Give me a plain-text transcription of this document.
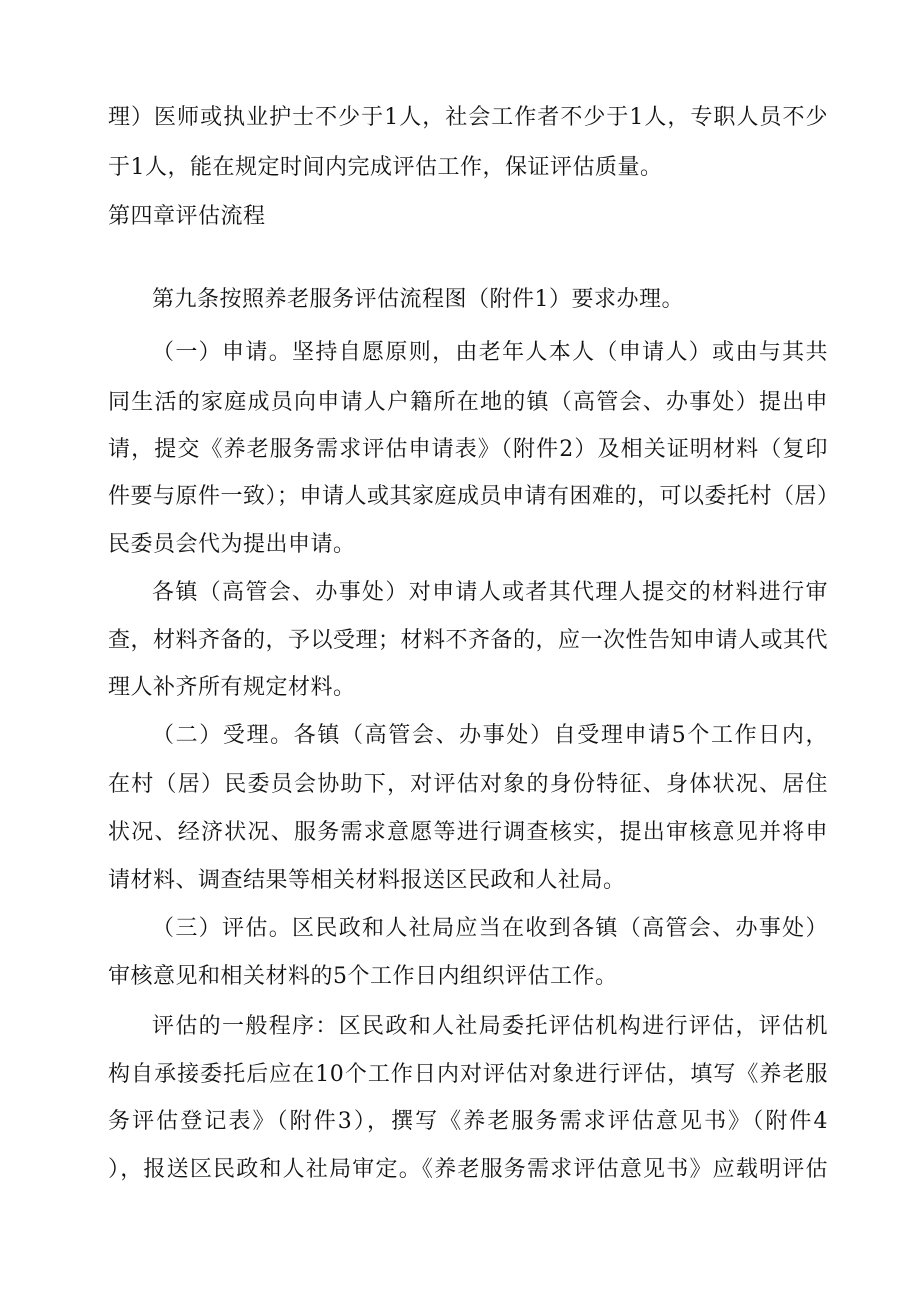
理）医师或执业护士不少于1人，社会工作者不少于1人，专职人员不少
于1人，能在规定时间内完成评估工作，保证评估质量。
第四章评估流程
第九条按照养老服务评估流程图（附件1）要求办理。
（一）申请。坚持自愿原则，由老年人本人（申请人）或由与其共
同生活的家庭成员向申请人户籍所在地的镇（高管会、办事处）提出申
请，提交《养老服务需求评估申请表》（附件2）及相关证明材料（复印
件要与原件一致）；申请人或其家庭成员申请有困难的，可以委托村（居）
民委员会代为提出申请。
各镇（高管会、办事处）对申请人或者其代理人提交的材料进行审
查，材料齐备的，予以受理；材料不齐备的，应一次性告知申请人或其代
理人补齐所有规定材料。
（二）受理。各镇（高管会、办事处）自受理申请5个工作日内，
在村（居）民委员会协助下，对评估对象的身份特征、身体状况、居住
状况、经济状况、服务需求意愿等进行调查核实，提出审核意见并将申
请材料、调查结果等相关材料报送区民政和人社局。
（三）评估。区民政和人社局应当在收到各镇（高管会、办事处）
审核意见和相关材料的5个工作日内组织评估工作。
评估的一般程序：区民政和人社局委托评估机构进行评估，评估机
构自承接委托后应在10个工作日内对评估对象进行评估，填写《养老服
务评估登记表》（附件3），撰写《养老服务需求评估意见书》（附件4
），报送区民政和人社局审定。《养老服务需求评估意见书》应载明评估
